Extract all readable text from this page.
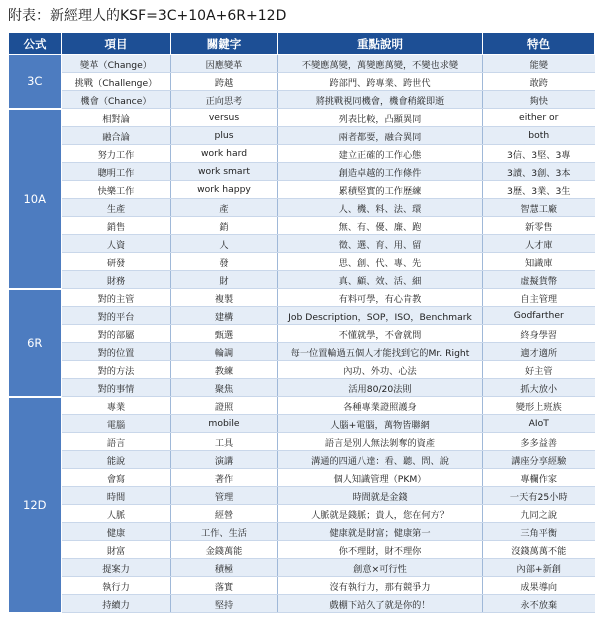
附表：新經理人的KSF=3C+10A+6R+12D
公式	項目	關鍵字	重點說明	特色
3C	變革（Change）	因應變革	不變應萬變，萬變應萬變，不變也求變	能變
	挑戰（Challenge）	跨越	跨部門、跨專業、跨世代	敢跨
	機會（Chance）	正向思考	將挑戰視同機會，機會稍縱即逝	夠快
10A	相對論	versus	列表比較，凸顯異同	either or
	融合論	plus	兩者都要，融合異同	both
	努力工作	work hard	建立正確的工作心態	3信、3堅、3專
	聰明工作	work smart	創造卓越的工作條件	3讀、3創、3本
	快樂工作	work happy	累積堅實的工作歷練	3歷、3業、3生
	生產	產	人、機、料、法、環	智慧工廠
	銷售	銷	無、有、優、廉、跑	新零售
	人資	人	徵、選、育、用、留	人才庫
	研發	發	思、創、代、專、先	知識庫
	財務	財	真、顧、效、活、細	虛擬貨幣
6R	對的主管	複製	有料可學，有心肯教	自主管理
	對的平台	建構	Job Description，SOP，ISO，Benchmark	Godfarther
	對的部屬	甄選	不懂就學，不會就問	終身學習
	對的位置	輪調	每一位置輪過五個人才能找到它的Mr. Right	適才適所
	對的方法	教練	內功、外功、心法	好主管
	對的事情	聚焦	活用80/20法則	抓大放小
12D	專業	證照	各種專業證照護身	變形上班族
	電腦	mobile	人腦+電腦，萬物皆聯網	AIoT
	語言	工具	語言是別人無法剝奪的資產	多多益善
	能說	演講	溝通的四通八達：看、聽、問、說	講座分享經驗
	會寫	著作	個人知識管理（PKM）	專欄作家
	時間	管理	時間就是金錢	一天有25小時
	人脈	經營	人脈就是錢脈；貴人，您在何方？	九同之說
	健康	工作、生活	健康就是財富；健康第一	三角平衡
	財富	金錢萬能	你不理財，財不理你	沒錢萬萬不能
	提案力	積極	創意×可行性	內部+新創
	執行力	落實	沒有執行力，那有競爭力	成果導向
	持續力	堅持	戲棚下站久了就是你的！	永不放棄
